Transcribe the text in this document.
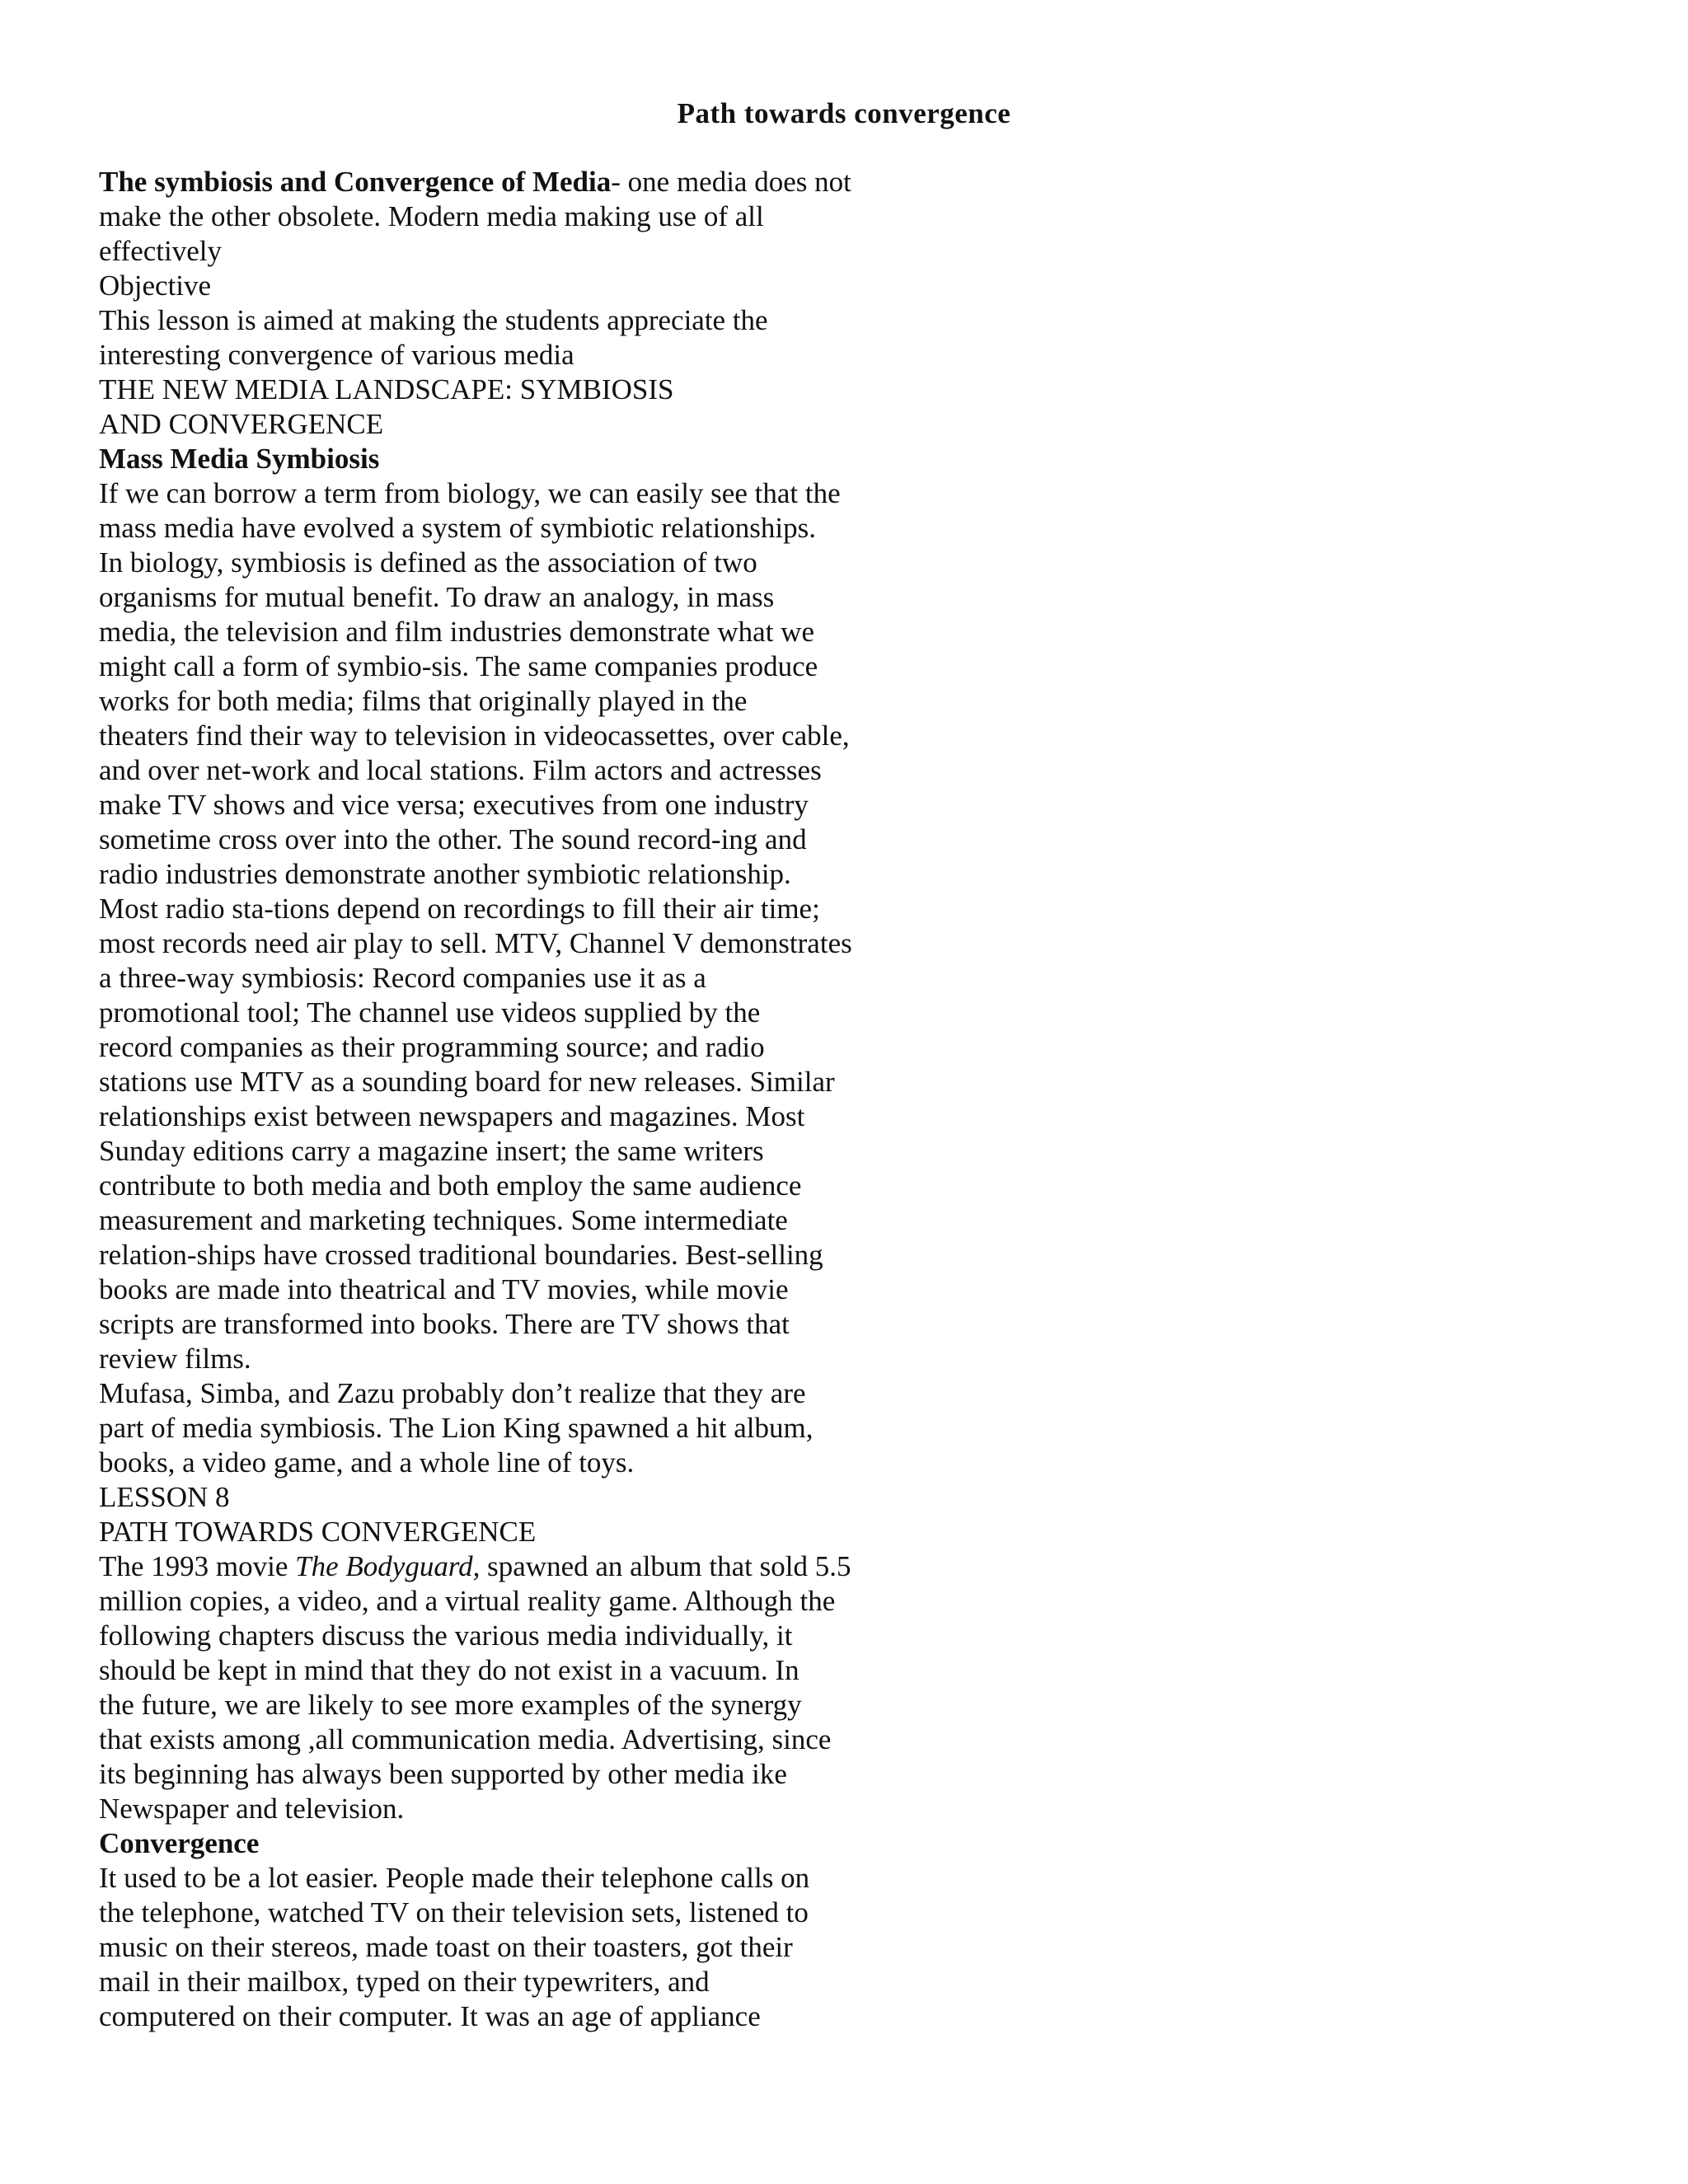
Path towards convergence
The symbiosis and Convergence of Media- one media does not
make the other obsolete. Modern media making use of all
effectively
Objective
This lesson is aimed at making the students appreciate the
interesting convergence of various media
THE NEW MEDIA LANDSCAPE: SYMBIOSIS
AND CONVERGENCE
Mass Media Symbiosis
If we can borrow a term from biology, we can easily see that the
mass media have evolved a system of symbiotic relationships.
In biology, symbiosis is defined as the association of two
organisms for mutual benefit. To draw an analogy, in mass
media, the television and film industries demonstrate what we
might call a form of symbio-sis. The same companies produce
works for both media; films that originally played in the
theaters find their way to television in videocassettes, over cable,
and over net-work and local stations. Film actors and actresses
make TV shows and vice versa; executives from one industry
sometime cross over into the other. The sound record-ing and
radio industries demonstrate another symbiotic relationship.
Most radio sta-tions depend on recordings to fill their air time;
most records need air play to sell. MTV, Channel V demonstrates
a three-way symbiosis: Record companies use it as a
promotional tool; The channel use videos supplied by the
record companies as their programming source; and radio
stations use MTV as a sounding board for new releases. Similar
relationships exist between newspapers and magazines. Most
Sunday editions carry a magazine insert; the same writers
contribute to both media and both employ the same audience
measurement and marketing techniques. Some intermediate
relation-ships have crossed traditional boundaries. Best-selling
books are made into theatrical and TV movies, while movie
scripts are transformed into books. There are TV shows that
review films.
Mufasa, Simba, and Zazu probably don’t realize that they are
part of media symbiosis. The Lion King spawned a hit album,
books, a video game, and a whole line of toys.
LESSON 8
PATH TOWARDS CONVERGENCE
The 1993 movie The Bodyguard, spawned an album that sold 5.5
million copies, a video, and a virtual reality game. Although the
following chapters discuss the various media individually, it
should be kept in mind that they do not exist in a vacuum. In
the future, we are likely to see more examples of the synergy
that exists among ,all communication media. Advertising, since
its beginning has always been supported by other media ike
Newspaper and television.
Convergence
It used to be a lot easier. People made their telephone calls on
the telephone, watched TV on their television sets, listened to
music on their stereos, made toast on their toasters, got their
mail in their mailbox, typed on their typewriters, and
computered on their computer. It was an age of appliance
